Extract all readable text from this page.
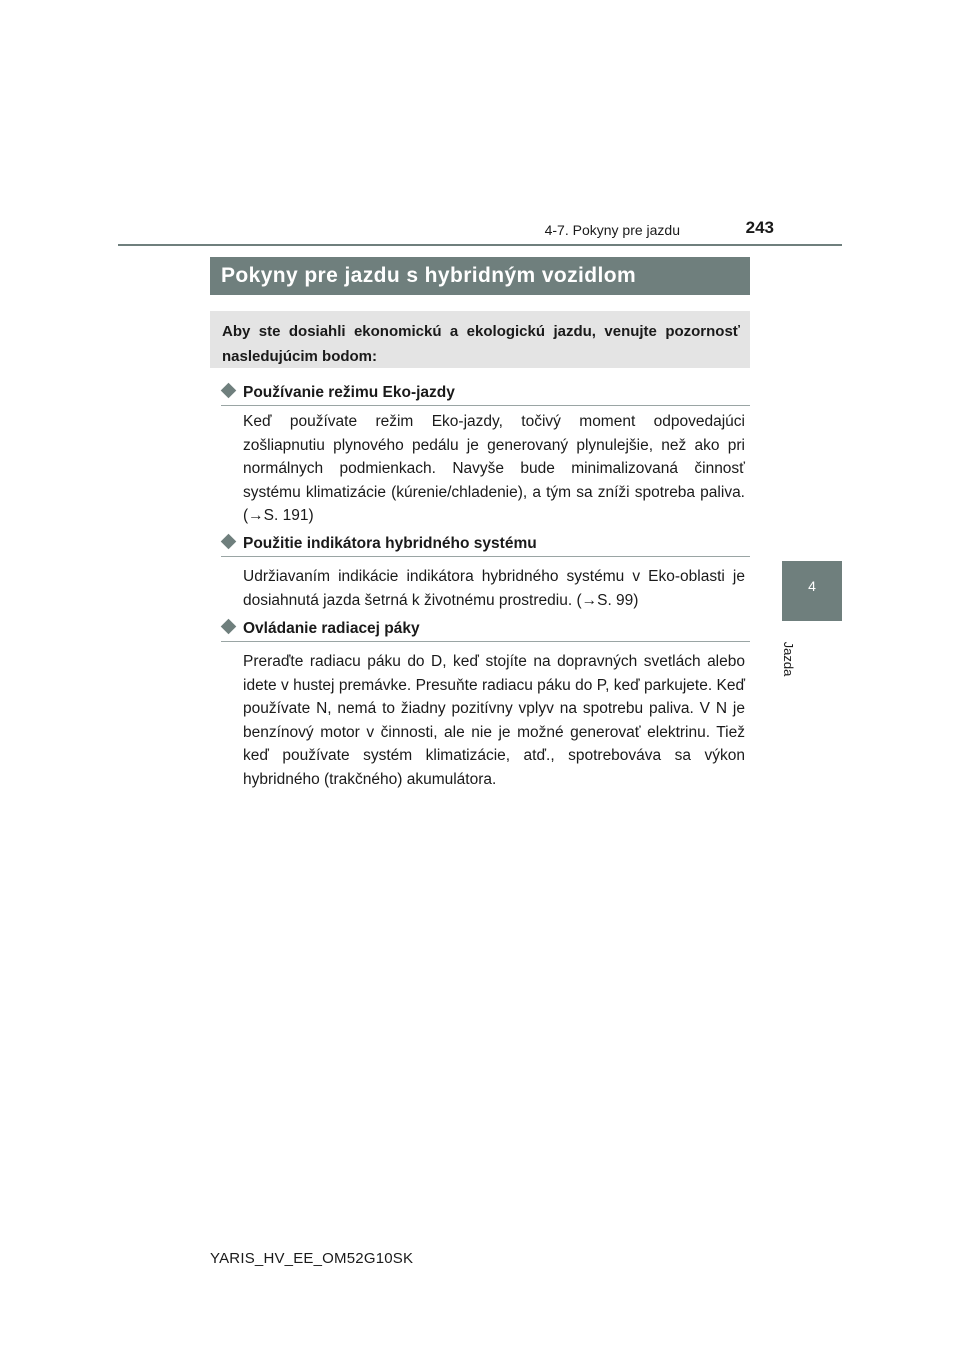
4-7. Pokyny pre jazdu	243
Pokyny pre jazdu s hybridným vozidlom
Aby ste dosiahli ekonomickú a ekologickú jazdu, venujte pozornosť nasledujúcim bodom:
Používanie režimu Eko-jazdy

Keď používate režim Eko-jazdy, točivý moment odpovedajúci zošliapnutiu plynového pedálu je generovaný plynulejšie, než ako pri normálnych podmienkach. Navyše bude minimalizovaná činnosť systému klimatizácie (kúrenie/chladenie), a tým sa zníži spotreba paliva. (→S. 191)

Použitie indikátora hybridného systému

Udržiavaním indikácie indikátora hybridného systému v Eko-oblasti je dosiahnutá jazda šetrná k životnému prostrediu. (→S. 99)

Ovládanie radiacej páky

Preraďte radiacu páku do D, keď stojíte na dopravných svetlách alebo idete v hustej premávke. Presuňte radiacu páku do P, keď parkujete. Keď používate N, nemá to žiadny pozitívny vplyv na spotrebu paliva. V N je benzínový motor v činnosti, ale nie je možné generovať elektrinu. Tiež keď používate systém klimatizácie, atď., spotrebováva sa výkon hybridného (trakčného) akumulátora.

4
Jazda
YARIS_HV_EE_OM52G10SK
